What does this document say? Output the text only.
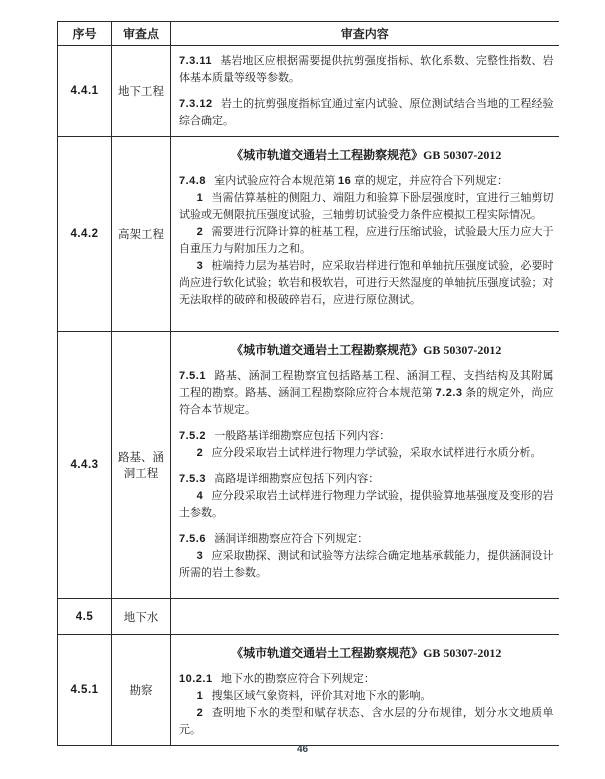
序号	审查点	审查内容
4.4.1	地下工程	7.3.11 基岩地区应根据需要提供抗剪强度指标、软化系数、完整性指数、岩体基本质量等级等参数。

7.3.12 岩土的抗剪强度指标宜通过室内试验、原位测试结合当地的工程经验综合确定。

4.4.2	高架工程	《城市轨道交通岩土工程勘察规范》GB 50307-2012

7.4.8 室内试验应符合本规范第 16 章的规定，并应符合下列规定：

1 当需估算基桩的侧阻力、端阻力和验算下卧层强度时，宜进行三轴剪切试验或无侧限抗压强度试验，三轴剪切试验受力条件应模拟工程实际情况。

2 需要进行沉降计算的桩基工程，应进行压缩试验，试验最大压力应大于自重压力与附加压力之和。

3 桩端持力层为基岩时，应采取岩样进行饱和单轴抗压强度试验，必要时尚应进行软化试验；软岩和极软岩，可进行天然湿度的单轴抗压强度试验；对无法取样的破碎和极破碎岩石，应进行原位测试。

4.4.3	路基、涵洞工程	
《城市轨道交通岩土工程勘察规范》GB 50307-2012

7.5.1 路基、涵洞工程勘察宜包括路基工程、涵洞工程、支挡结构及其附属工程的勘察。路基、涵洞工程勘察除应符合本规范第 7.2.3 条的规定外，尚应符合本节规定。

7.5.2 一般路基详细勘察应包括下列内容：

2 应分段采取岩土试样进行物理力学试验，采取水试样进行水质分析。

7.5.3 高路堤详细勘察应包括下列内容：

4 应分段采取岩土试样进行物理力学试验，提供验算地基强度及变形的岩土参数。

7.5.6 涵洞详细勘察应符合下列规定：

3 应采取勘探、测试和试验等方法综合确定地基承载能力，提供涵洞设计所需的岩土参数。

4.5	地下水	
4.5.1	勘察	《城市轨道交通岩土工程勘察规范》GB 50307-2012

10.2.1 地下水的勘察应符合下列规定：

1 搜集区域气象资料，评价其对地下水的影响。

2 查明地下水的类型和赋存状态、含水层的分布规律，划分水文地质单元。

46
